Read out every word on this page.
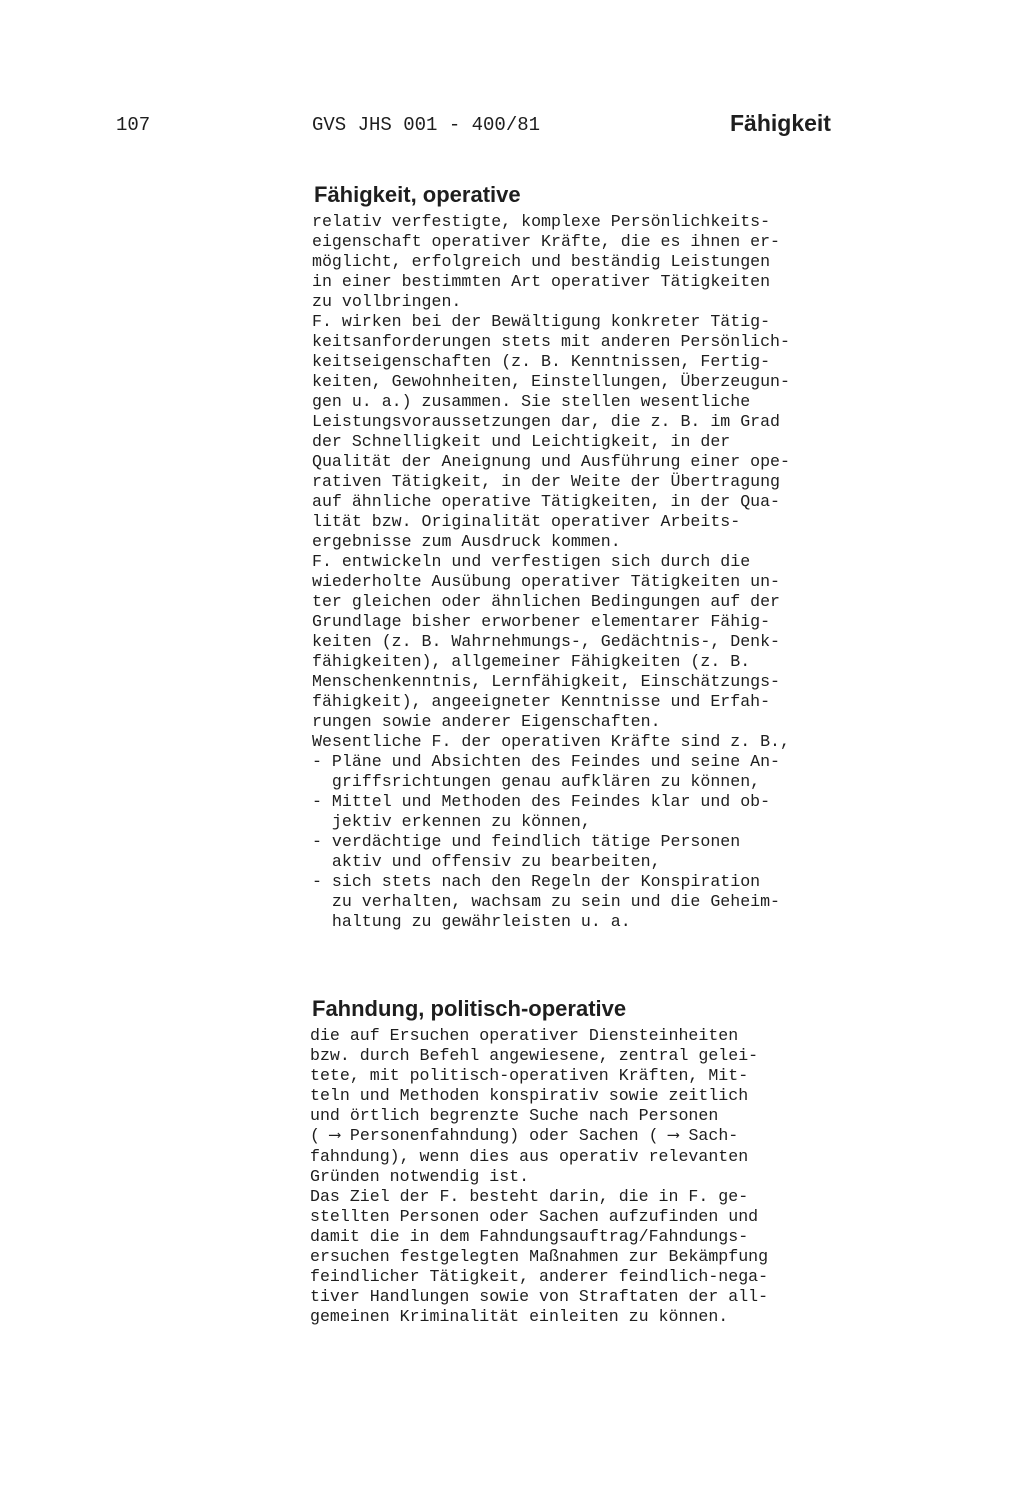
107	GVS JHS 001 - 400/81	Fähigkeit
Fähigkeit, operative
relativ verfestigte, komplexe Persönlichkeits-
eigenschaft operativer Kräfte, die es ihnen er-
möglicht, erfolgreich und beständig Leistungen
in einer bestimmten Art operativer Tätigkeiten
zu vollbringen.
F. wirken bei der Bewältigung konkreter Tätig-
keitsanforderungen stets mit anderen Persönlich-
keitseigenschaften (z. B. Kenntnissen, Fertig-
keiten, Gewohnheiten, Einstellungen, Überzeugun-
gen u. a.) zusammen. Sie stellen wesentliche
Leistungsvoraussetzungen dar, die z. B. im Grad
der Schnelligkeit und Leichtigkeit, in der
Qualität der Aneignung und Ausführung einer ope-
rativen Tätigkeit, in der Weite der Übertragung
auf ähnliche operative Tätigkeiten, in der Qua-
lität bzw. Originalität operativer Arbeits-
ergebnisse zum Ausdruck kommen.
F. entwickeln und verfestigen sich durch die
wiederholte Ausübung operativer Tätigkeiten un-
ter gleichen oder ähnlichen Bedingungen auf der
Grundlage bisher erworbener elementarer Fähig-
keiten (z. B. Wahrnehmungs-, Gedächtnis-, Denk-
fähigkeiten), allgemeiner Fähigkeiten (z. B.
Menschenkenntnis, Lernfähigkeit, Einschätzungs-
fähigkeit), angeeigneter Kenntnisse und Erfah-
rungen sowie anderer Eigenschaften.
Wesentliche F. der operativen Kräfte sind z. B.,
- Pläne und Absichten des Feindes und seine An-
griffsrichtungen genau aufklären zu können,
- Mittel und Methoden des Feindes klar und ob-
jektiv erkennen zu können,
- verdächtige und feindlich tätige Personen
aktiv und offensiv zu bearbeiten,
- sich stets nach den Regeln der Konspiration
zu verhalten, wachsam zu sein und die Geheim-
haltung zu gewährleisten u. a.
Fahndung, politisch-operative
die auf Ersuchen operativer Diensteinheiten
bzw. durch Befehl angewiesene, zentral gelei-
tete, mit politisch-operativen Kräften, Mit-
teln und Methoden konspirativ sowie zeitlich
und örtlich begrenzte Suche nach Personen
( ⟶ Personenfahndung) oder Sachen ( ⟶ Sach-
fahndung), wenn dies aus operativ relevanten
Gründen notwendig ist.
Das Ziel der F. besteht darin, die in F. ge-
stellten Personen oder Sachen aufzufinden und
damit die in dem Fahndungsauftrag/Fahndungs-
ersuchen festgelegten Maßnahmen zur Bekämpfung
feindlicher Tätigkeit, anderer feindlich-nega-
tiver Handlungen sowie von Straftaten der all-
gemeinen Kriminalität einleiten zu können.
